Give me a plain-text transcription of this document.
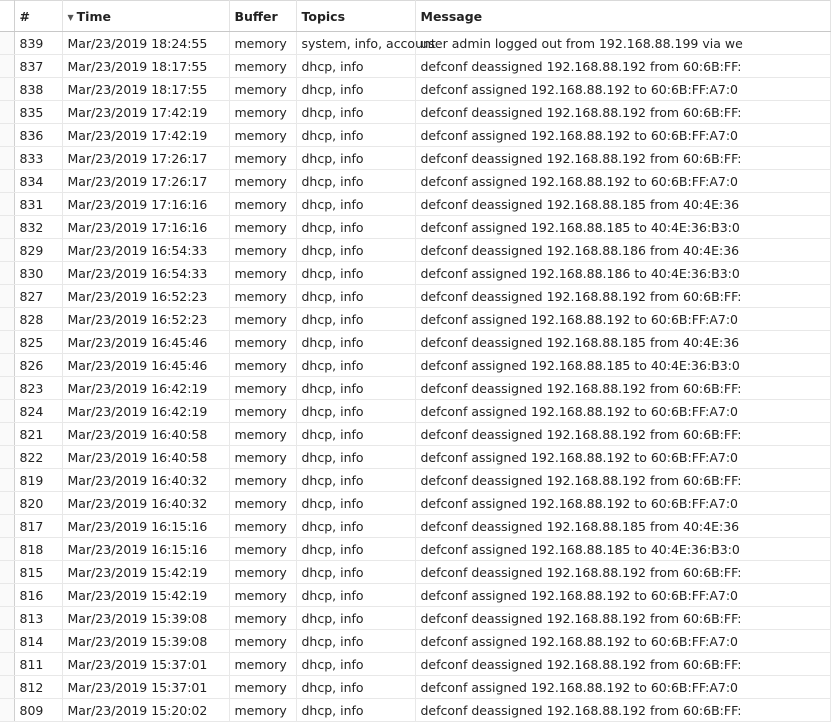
	#	▼ Time	Buffer	Topics	Message
	839	Mar/23/2019 18:24:55	memory	system, info, account	user admin logged out from 192.168.88.199 via we
	837	Mar/23/2019 18:17:55	memory	dhcp, info	defconf deassigned 192.168.88.192 from 60:6B:FF:
	838	Mar/23/2019 18:17:55	memory	dhcp, info	defconf assigned 192.168.88.192 to 60:6B:FF:A7:0
	835	Mar/23/2019 17:42:19	memory	dhcp, info	defconf deassigned 192.168.88.192 from 60:6B:FF:
	836	Mar/23/2019 17:42:19	memory	dhcp, info	defconf assigned 192.168.88.192 to 60:6B:FF:A7:0
	833	Mar/23/2019 17:26:17	memory	dhcp, info	defconf deassigned 192.168.88.192 from 60:6B:FF:
	834	Mar/23/2019 17:26:17	memory	dhcp, info	defconf assigned 192.168.88.192 to 60:6B:FF:A7:0
	831	Mar/23/2019 17:16:16	memory	dhcp, info	defconf deassigned 192.168.88.185 from 40:4E:36
	832	Mar/23/2019 17:16:16	memory	dhcp, info	defconf assigned 192.168.88.185 to 40:4E:36:B3:0
	829	Mar/23/2019 16:54:33	memory	dhcp, info	defconf deassigned 192.168.88.186 from 40:4E:36
	830	Mar/23/2019 16:54:33	memory	dhcp, info	defconf assigned 192.168.88.186 to 40:4E:36:B3:0
	827	Mar/23/2019 16:52:23	memory	dhcp, info	defconf deassigned 192.168.88.192 from 60:6B:FF:
	828	Mar/23/2019 16:52:23	memory	dhcp, info	defconf assigned 192.168.88.192 to 60:6B:FF:A7:0
	825	Mar/23/2019 16:45:46	memory	dhcp, info	defconf deassigned 192.168.88.185 from 40:4E:36
	826	Mar/23/2019 16:45:46	memory	dhcp, info	defconf assigned 192.168.88.185 to 40:4E:36:B3:0
	823	Mar/23/2019 16:42:19	memory	dhcp, info	defconf deassigned 192.168.88.192 from 60:6B:FF:
	824	Mar/23/2019 16:42:19	memory	dhcp, info	defconf assigned 192.168.88.192 to 60:6B:FF:A7:0
	821	Mar/23/2019 16:40:58	memory	dhcp, info	defconf deassigned 192.168.88.192 from 60:6B:FF:
	822	Mar/23/2019 16:40:58	memory	dhcp, info	defconf assigned 192.168.88.192 to 60:6B:FF:A7:0
	819	Mar/23/2019 16:40:32	memory	dhcp, info	defconf deassigned 192.168.88.192 from 60:6B:FF:
	820	Mar/23/2019 16:40:32	memory	dhcp, info	defconf assigned 192.168.88.192 to 60:6B:FF:A7:0
	817	Mar/23/2019 16:15:16	memory	dhcp, info	defconf deassigned 192.168.88.185 from 40:4E:36
	818	Mar/23/2019 16:15:16	memory	dhcp, info	defconf assigned 192.168.88.185 to 40:4E:36:B3:0
	815	Mar/23/2019 15:42:19	memory	dhcp, info	defconf deassigned 192.168.88.192 from 60:6B:FF:
	816	Mar/23/2019 15:42:19	memory	dhcp, info	defconf assigned 192.168.88.192 to 60:6B:FF:A7:0
	813	Mar/23/2019 15:39:08	memory	dhcp, info	defconf deassigned 192.168.88.192 from 60:6B:FF:
	814	Mar/23/2019 15:39:08	memory	dhcp, info	defconf assigned 192.168.88.192 to 60:6B:FF:A7:0
	811	Mar/23/2019 15:37:01	memory	dhcp, info	defconf deassigned 192.168.88.192 from 60:6B:FF:
	812	Mar/23/2019 15:37:01	memory	dhcp, info	defconf assigned 192.168.88.192 to 60:6B:FF:A7:0
	809	Mar/23/2019 15:20:02	memory	dhcp, info	defconf deassigned 192.168.88.192 from 60:6B:FF:
